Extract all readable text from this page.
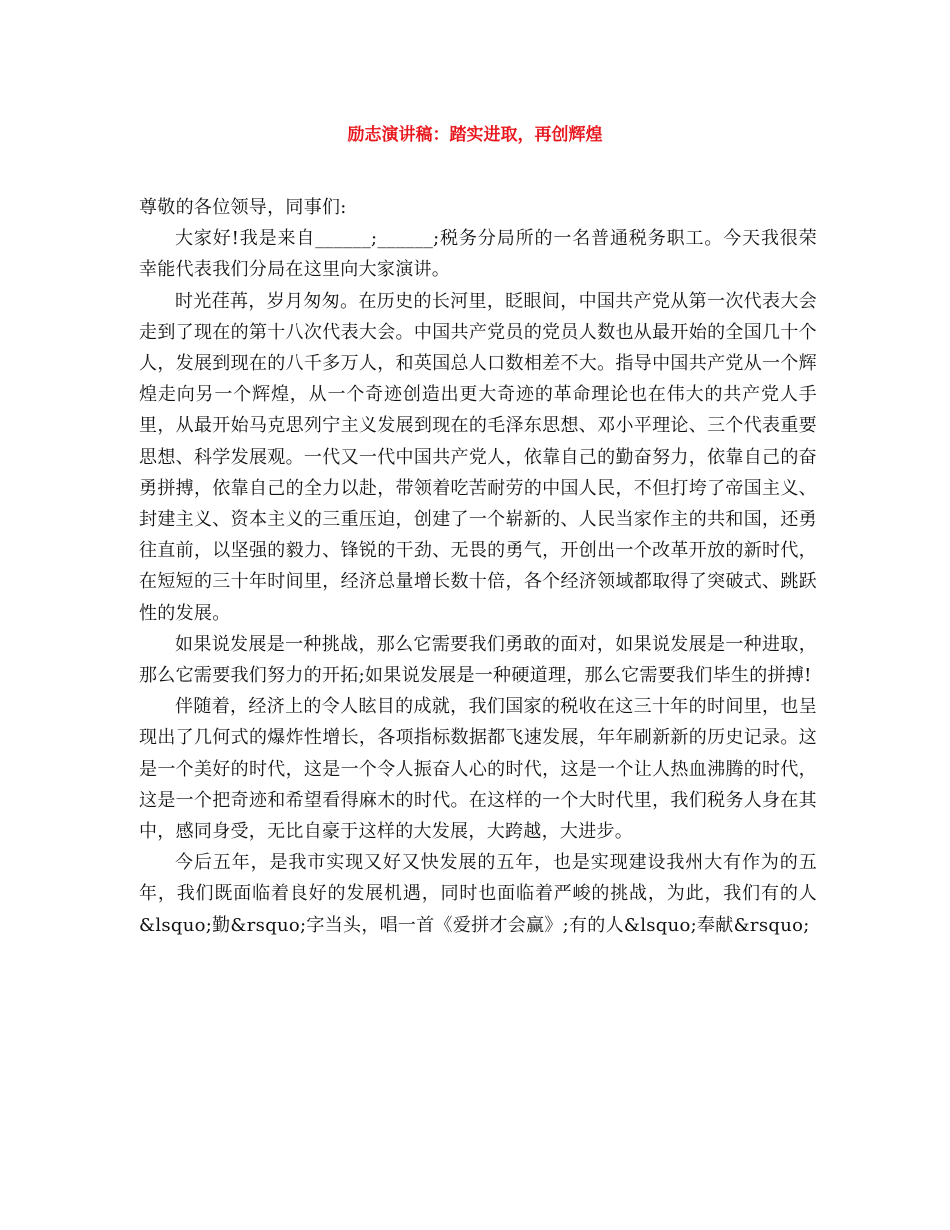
励志演讲稿：踏实进取，再创辉煌

尊敬的各位领导，同事们:

大家好!我是来自______;______;税务分局所的一名普通税务职工。今天我很荣幸能代表我们分局在这里向大家演讲。

时光荏苒，岁月匆匆。在历史的长河里，眨眼间，中国共产党从第一次代表大会走到了现在的第十八次代表大会。中国共产党员的党员人数也从最开始的全国几十个人，发展到现在的八千多万人，和英国总人口数相差不大。指导中国共产党从一个辉煌走向另一个辉煌，从一个奇迹创造出更大奇迹的革命理论也在伟大的共产党人手里，从最开始马克思列宁主义发展到现在的毛泽东思想、邓小平理论、三个代表重要思想、科学发展观。一代又一代中国共产党人，依靠自己的勤奋努力，依靠自己的奋勇拼搏，依靠自己的全力以赴，带领着吃苦耐劳的中国人民，不但打垮了帝国主义、封建主义、资本主义的三重压迫，创建了一个崭新的、人民当家作主的共和国，还勇往直前，以坚强的毅力、锋锐的干劲、无畏的勇气，开创出一个改革开放的新时代，在短短的三十年时间里，经济总量增长数十倍，各个经济领域都取得了突破式、跳跃性的发展。

如果说发展是一种挑战，那么它需要我们勇敢的面对，如果说发展是一种进取，那么它需要我们努力的开拓;如果说发展是一种硬道理，那么它需要我们毕生的拼搏!

伴随着，经济上的令人眩目的成就，我们国家的税收在这三十年的时间里，也呈现出了几何式的爆炸性增长，各项指标数据都飞速发展，年年刷新新的历史记录。这是一个美好的时代，这是一个令人振奋人心的时代，这是一个让人热血沸腾的时代，这是一个把奇迹和希望看得麻木的时代。在这样的一个大时代里，我们税务人身在其中，感同身受，无比自豪于这样的大发展，大跨越，大进步。

今后五年，是我市实现又好又快发展的五年，也是实现建设我州大有作为的五年，我们既面临着良好的发展机遇，同时也面临着严峻的挑战，为此，我们有的人 &lsquo;勤&rsquo;字当头，唱一首《爱拼才会赢》;有的人&lsquo;奉献&rsquo;
